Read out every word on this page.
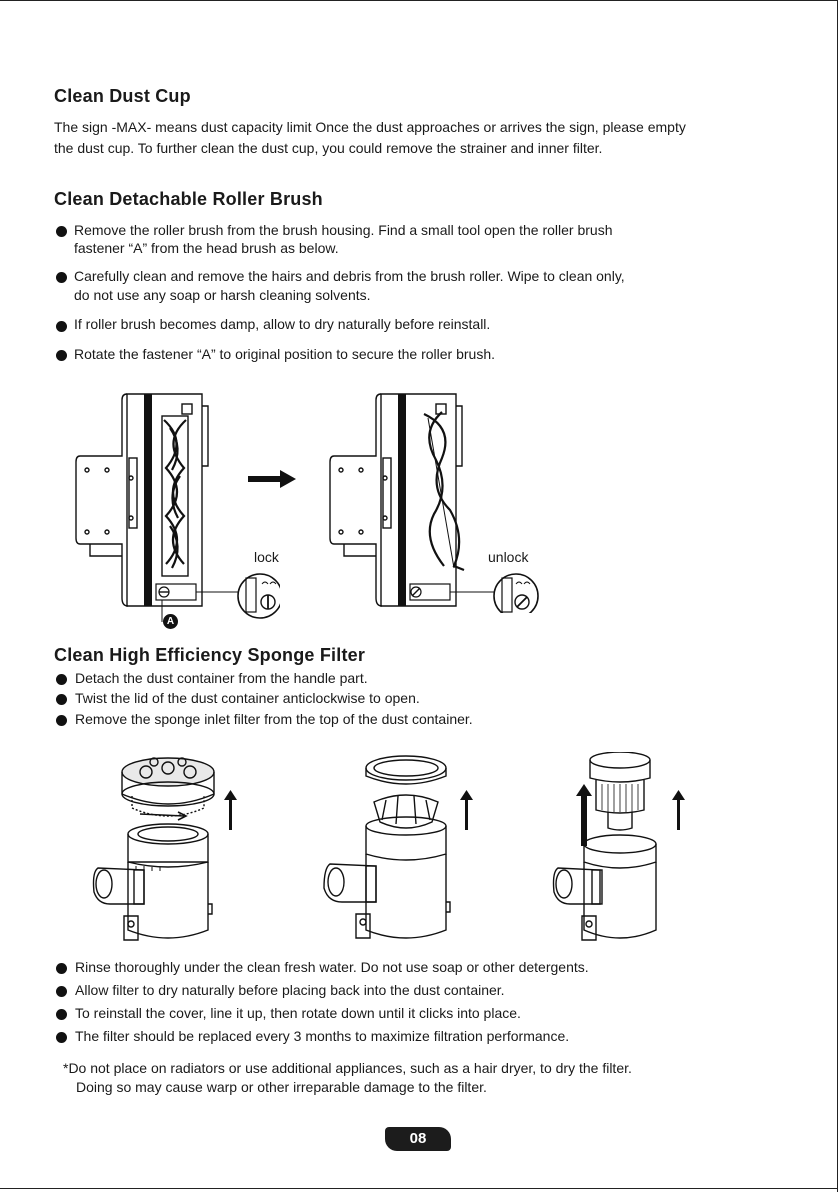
Clean Dust Cup

The sign -MAX- means dust capacity limit Once the dust approaches or arrives the sign, please empty

the dust cup. To further clean the dust cup, you could remove the strainer and inner filter.

Clean Detachable Roller Brush

Remove the roller brush from the brush housing. Find a small tool open the roller brush

fastener “A” from the head brush as below.

Carefully clean and remove the hairs and debris from the brush roller. Wipe to clean only,

do not use any soap or harsh cleaning solvents.

If roller brush becomes damp, allow to dry naturally before reinstall.

Rotate the fastener “A” to original position to secure the roller brush.

lock	unlock
A
Clean High Efficiency Sponge Filter

Detach the dust container from the handle part.

Twist the lid of the dust container anticlockwise to open.

Remove the sponge inlet filter from the top of the dust container.

Rinse thoroughly under the clean fresh water. Do not use soap or other detergents.

Allow filter to dry naturally before placing back into the dust container.

To reinstall the cover, line it up, then rotate down until it clicks into place.

The filter should be replaced every 3 months to maximize filtration performance.

*Do not place on radiators or use additional appliances, such as a hair dryer, to dry the filter.

Doing so may cause warp or other irreparable damage to the filter.

08
